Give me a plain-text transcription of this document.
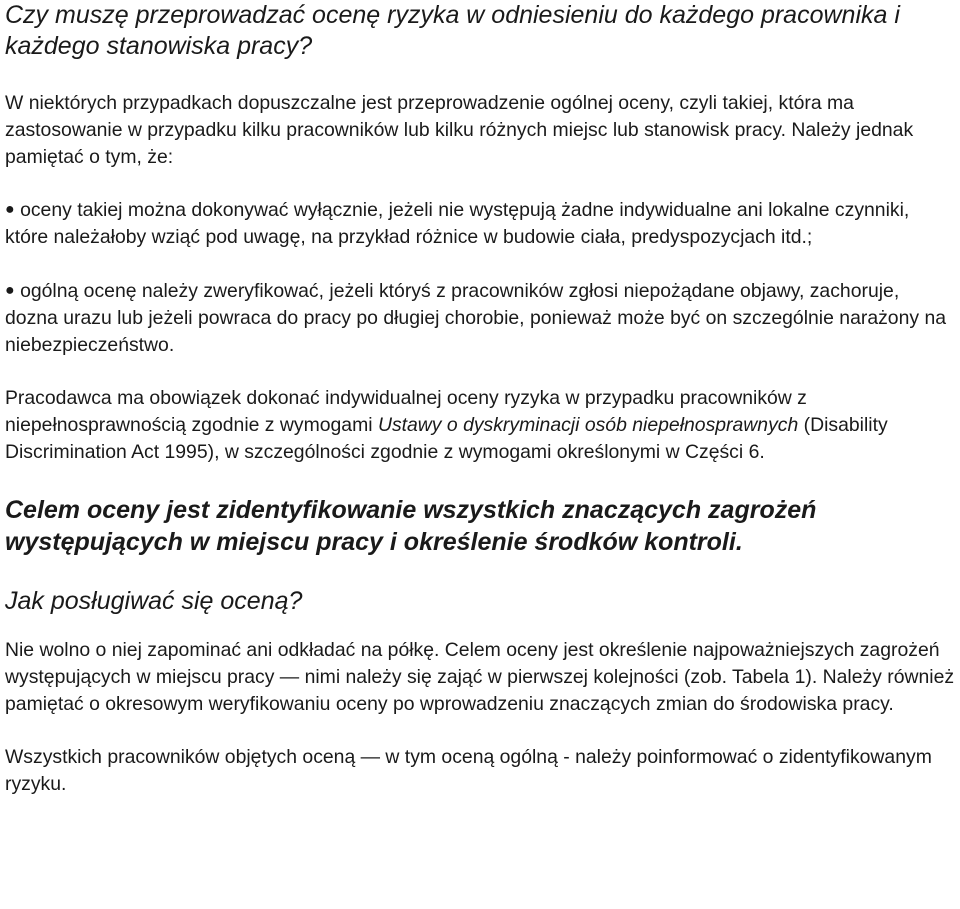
Czy muszę przeprowadzać ocenę ryzyka w odniesieniu do każdego pracownika i każdego stanowiska pracy?

W niektórych przypadkach dopuszczalne jest przeprowadzenie ogólnej oceny, czyli takiej, która ma zastosowanie w przypadku kilku pracowników lub kilku różnych miejsc lub stanowisk pracy. Należy jednak pamiętać o tym, że:

● oceny takiej można dokonywać wyłącznie, jeżeli nie występują żadne indywidualne ani lokalne czynniki, które należałoby wziąć pod uwagę, na przykład różnice w budowie ciała, predyspozycjach itd.;

● ogólną ocenę należy zweryfikować, jeżeli któryś z pracowników zgłosi niepożądane objawy, zachoruje, dozna urazu lub jeżeli powraca do pracy po długiej chorobie, ponieważ może być on szczególnie narażony na niebezpieczeństwo.

Pracodawca ma obowiązek dokonać indywidualnej oceny ryzyka w przypadku pracowników z niepełnosprawnością zgodnie z wymogami Ustawy o dyskryminacji osób niepełnosprawnych (Disability Discrimination Act 1995), w szczególności zgodnie z wymogami określonymi w Części 6.

Celem oceny jest zidentyfikowanie wszystkich znaczących zagrożeń występujących w miejscu pracy i określenie środków kontroli.

Jak posługiwać się oceną?

Nie wolno o niej zapominać ani odkładać na półkę. Celem oceny jest określenie najpoważniejszych zagrożeń występujących w miejscu pracy — nimi należy się zająć w pierwszej kolejności (zob. Tabela 1). Należy również pamiętać o okresowym weryfikowaniu oceny po wprowadzeniu znaczących zmian do środowiska pracy.

Wszystkich pracowników objętych oceną — w tym oceną ogólną - należy poinformować o zidentyfikowanym ryzyku.
